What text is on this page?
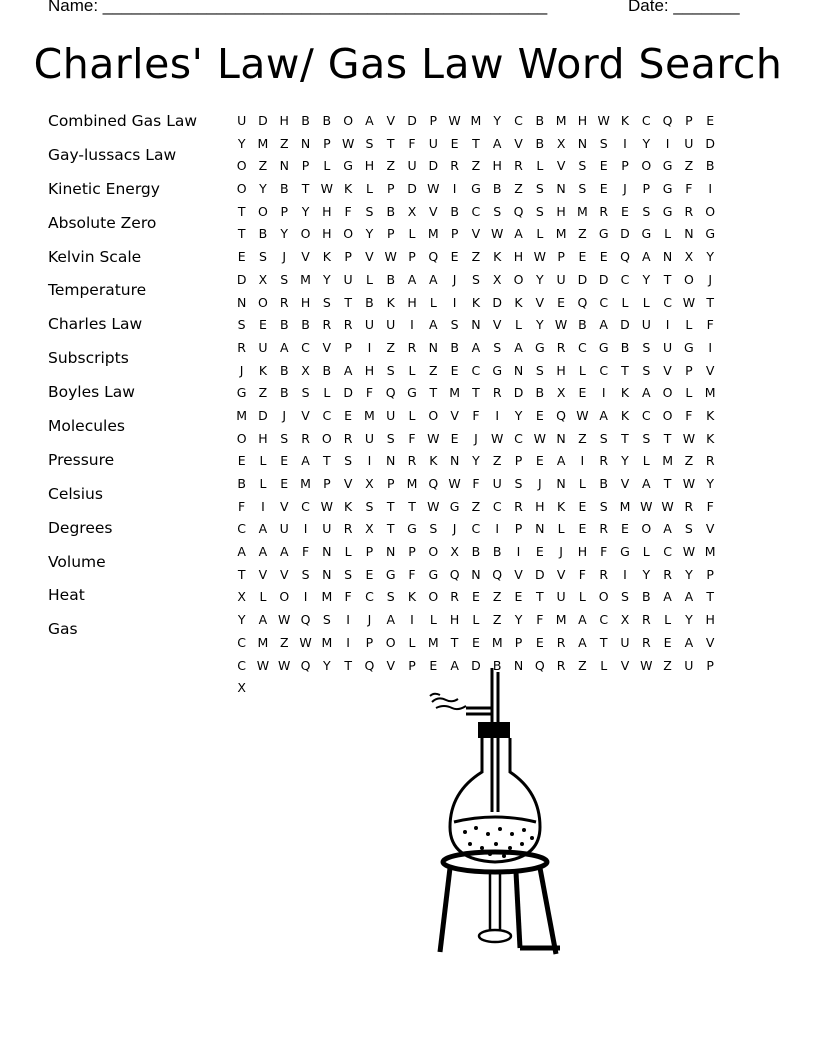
Name: _______________________________________________	Date: _______
Charles' Law/ Gas Law Word Search
Combined Gas Law
Gay-lussacs Law
Kinetic Energy
Absolute Zero
Kelvin Scale
Temperature
Charles Law
Subscripts
Boyles Law
Molecules
Pressure
Celsius
Degrees
Volume
Heat
Gas
U D H B	B O A	V D	P W M Y	C	B M H W K	C Q	P	E
Y M Z N	P W S	T	F	U	E	T	A	V	B	X N	S	I	Y	I	U D
O Z N	P	L	G H Z U D R	Z H R	L	V	S	E	P	O G Z	B
O	Y	B	T W K	L	P	D W	I	G B	Z	S	N	S	E	J	P	G	F	I
T	O	P	Y	H	F	S	B	X	V	B	C	S Q S	H M R	E	S G R O
T	B	Y	O H O	Y	P	L M P	V W A	L M Z G D G	L	N G
E	S	J	V	K	P	V W P	Q E	Z	K H W P	E	E Q A N X	Y
D X	S M Y	U	L	B	A	A	J	S	X O	Y	U D D C	Y	T	O	J
N O R H	S	T	B	K H	L	I	K D K	V	E Q C	L	L	C W T
S	E	B	B	R	R U U	I	A	S	N V	L	Y W B	A D U	I	L	F
R U A	C	V	P	I	Z	R N B	A	S	A G R	C G B	S	U G	I
J	K	B	X	B	A H	S	L	Z	E	C G N	S	H	L	C	T	S	V	P	V
G Z	B	S	L	D	F	Q G	T M T	R D B	X	E	I	K	A O	L M
M D	J	V	C	E M U	L	O V	F	I	Y	E Q W A	K	C O	F	K
O H	S	R O R U	S	F W E	J	W C W N Z	S	T	S	T W K
E	L	E	A	T	S	I	N R	K	N	Y	Z	P	E	A	I	R	Y	L M Z	R
B	L	E M P	V	X	P M Q W F	U	S	J	N	L	B	V	A	T W Y
F	I	V	C W K	S	T	T W G Z	C	R H	K	E	S M W W R	F
C	A U	I	U R	X	T	G S	J	C	I	P	N	L	E	R	E O A	S	V
A	A	A	F	N	L	P	N	P	O X	B	B	I	E	J	H	F	G	L	C W M
T	V	V	S	N	S	E	G	F	G Q N Q V D V	F	R	I	Y	R	Y	P
X	L	O	I	M F	C	S	K O R	E	Z	E	T	U	L	O S	B	A	A	T
Y	A W Q S	I	J	A	I	L	H	L	Z	Y	F M A	C	X	R	L	Y	H
C M Z W M	I	P	O	L M T	E M P	E	R	A	T	U R	E	A	V
C W W Q	Y	T	Q V	P	E	A D B N Q R	Z	L	V W Z U	P
X
